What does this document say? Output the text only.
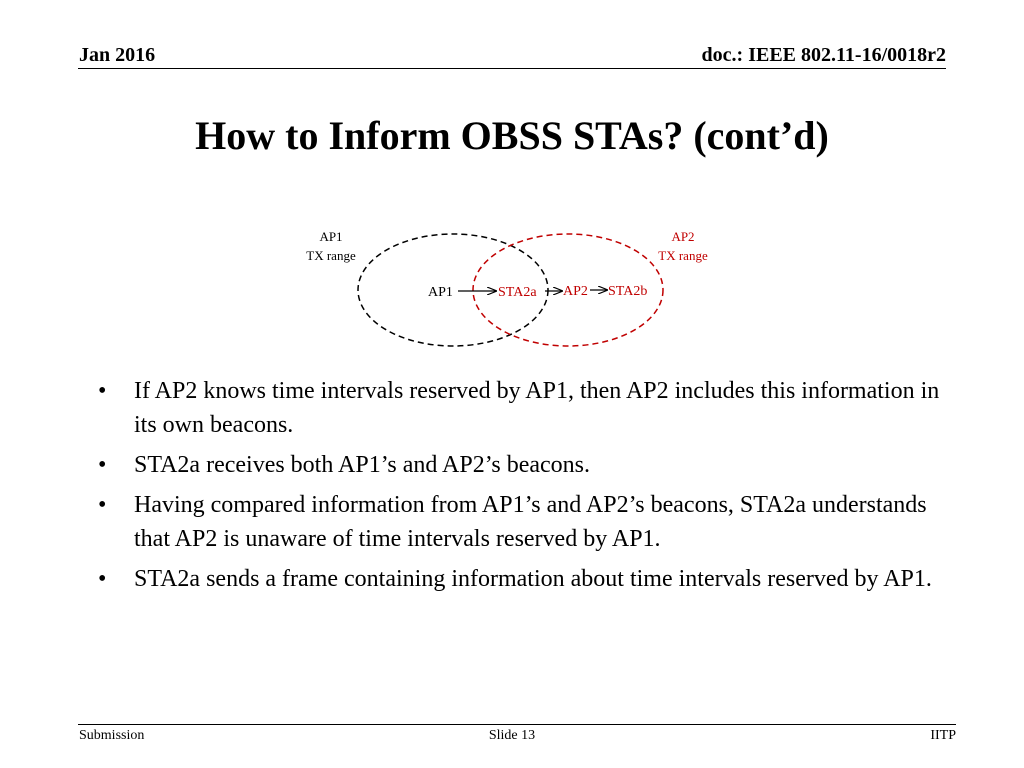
Jan 2016	doc.: IEEE 802.11-16/0018r2
How to Inform OBSS STAs? (cont’d)
AP1
TX range
AP2
TX range
AP1	STA2a AP2 STA2b
• If AP2 knows time intervals reserved by AP1, then AP2 includes this information in its own beacons.
• STA2a receives both AP1’s and AP2’s beacons.
• Having compared information from AP1’s and AP2’s beacons, STA2a understands that AP2 is unaware of time intervals reserved by AP1.
• STA2a sends a frame containing information about time intervals reserved by AP1.
Submission	Slide 13	IITP
